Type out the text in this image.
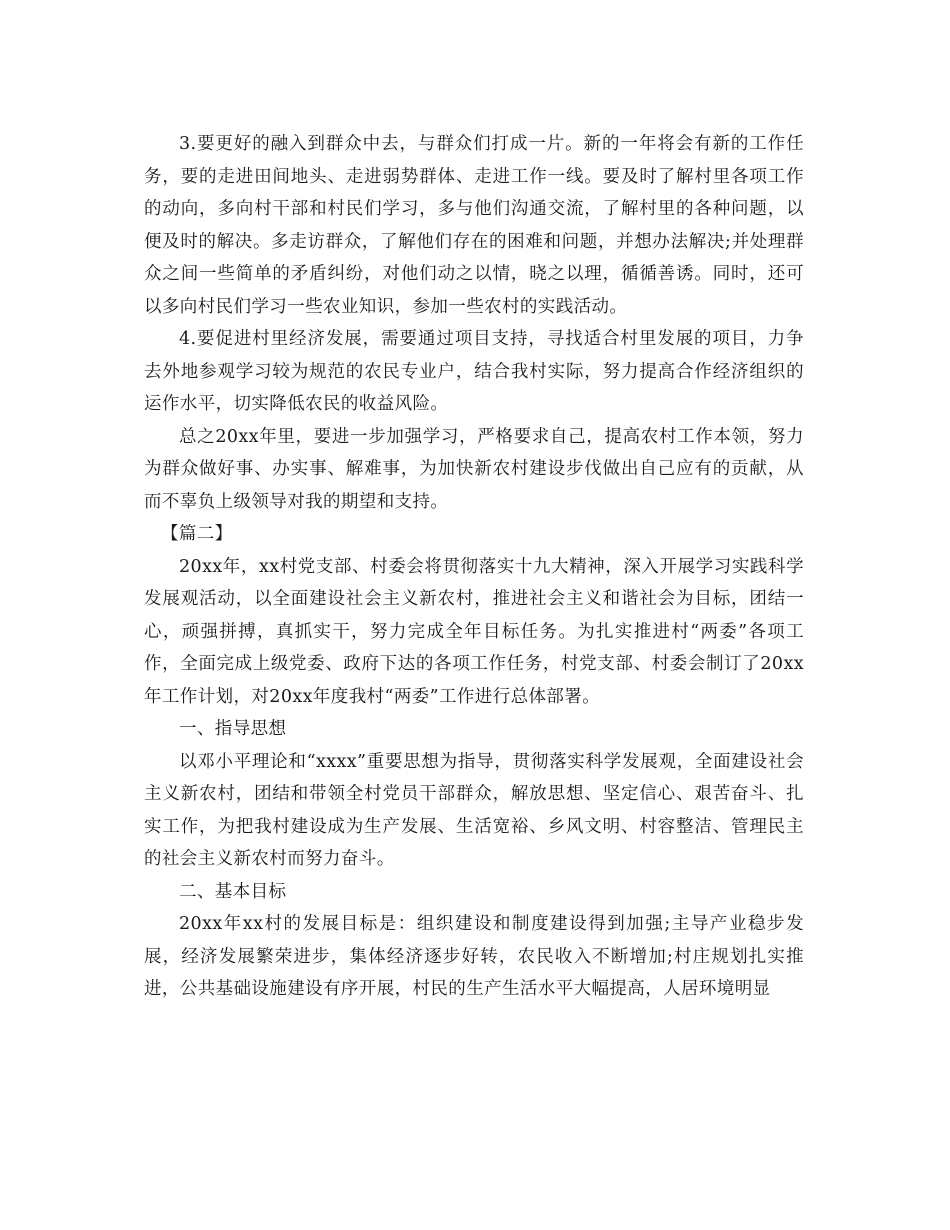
3.要更好的融入到群众中去，与群众们打成一片。新的一年将会有新的工作任务，要的走进田间地头、走进弱势群体、走进工作一线。要及时了解村里各项工作的动向，多向村干部和村民们学习，多与他们沟通交流，了解村里的各种问题，以便及时的解决。多走访群众，了解他们存在的困难和问题，并想办法解决;并处理群众之间一些简单的矛盾纠纷，对他们动之以情，晓之以理，循循善诱。同时，还可以多向村民们学习一些农业知识，参加一些农村的实践活动。

4.要促进村里经济发展，需要通过项目支持，寻找适合村里发展的项目，力争去外地参观学习较为规范的农民专业户，结合我村实际，努力提高合作经济组织的运作水平，切实降低农民的收益风险。

总之20xx年里，要进一步加强学习，严格要求自己，提高农村工作本领，努力为群众做好事、办实事、解难事，为加快新农村建设步伐做出自己应有的贡献，从而不辜负上级领导对我的期望和支持。

【篇二】

20xx年，xx村党支部、村委会将贯彻落实十九大精神，深入开展学习实践科学发展观活动，以全面建设社会主义新农村，推进社会主义和谐社会为目标，团结一心，顽强拼搏，真抓实干，努力完成全年目标任务。为扎实推进村“两委”各项工作，全面完成上级党委、政府下达的各项工作任务，村党支部、村委会制订了20xx年工作计划，对20xx年度我村“两委”工作进行总体部署。

一、指导思想

以邓小平理论和“xxxx”重要思想为指导，贯彻落实科学发展观，全面建设社会主义新农村，团结和带领全村党员干部群众，解放思想、坚定信心、艰苦奋斗、扎实工作，为把我村建设成为生产发展、生活宽裕、乡风文明、村容整洁、管理民主的社会主义新农村而努力奋斗。

二、基本目标

20xx年xx村的发展目标是：组织建设和制度建设得到加强;主导产业稳步发展，经济发展繁荣进步，集体经济逐步好转，农民收入不断增加;村庄规划扎实推进，公共基础设施建设有序开展，村民的生产生活水平大幅提高，人居环境明显
